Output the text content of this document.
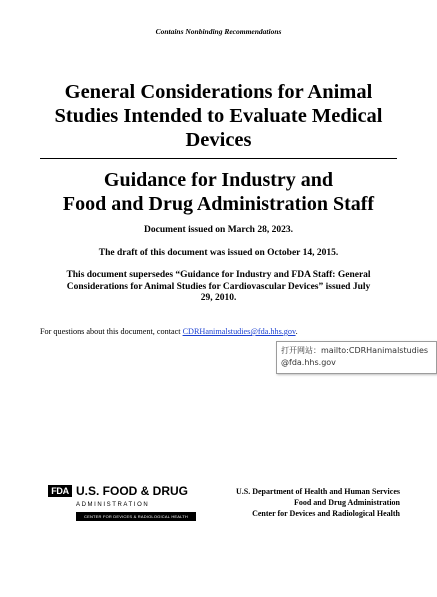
Contains Nonbinding Recommendations
General Considerations for Animal
Studies Intended to Evaluate Medical
Devices
Guidance for Industry and
Food and Drug Administration Staff
Document issued on March 28, 2023.
The draft of this document was issued on October 14, 2015.
This document supersedes “Guidance for Industry and FDA Staff: General
Considerations for Animal Studies for Cardiovascular Devices” issued July
29, 2010.
For questions about this document, contact CDRHanimalstudies@fda.hhs.gov.
打开网站：mailto:CDRHanimalstudies@fda.hhs.gov
FDA U.S. FOOD & DRUG
ADMINISTRATION
CENTER FOR DEVICES & RADIOLOGICAL HEALTH
U.S. Department of Health and Human Services
Food and Drug Administration
Center for Devices and Radiological Health
